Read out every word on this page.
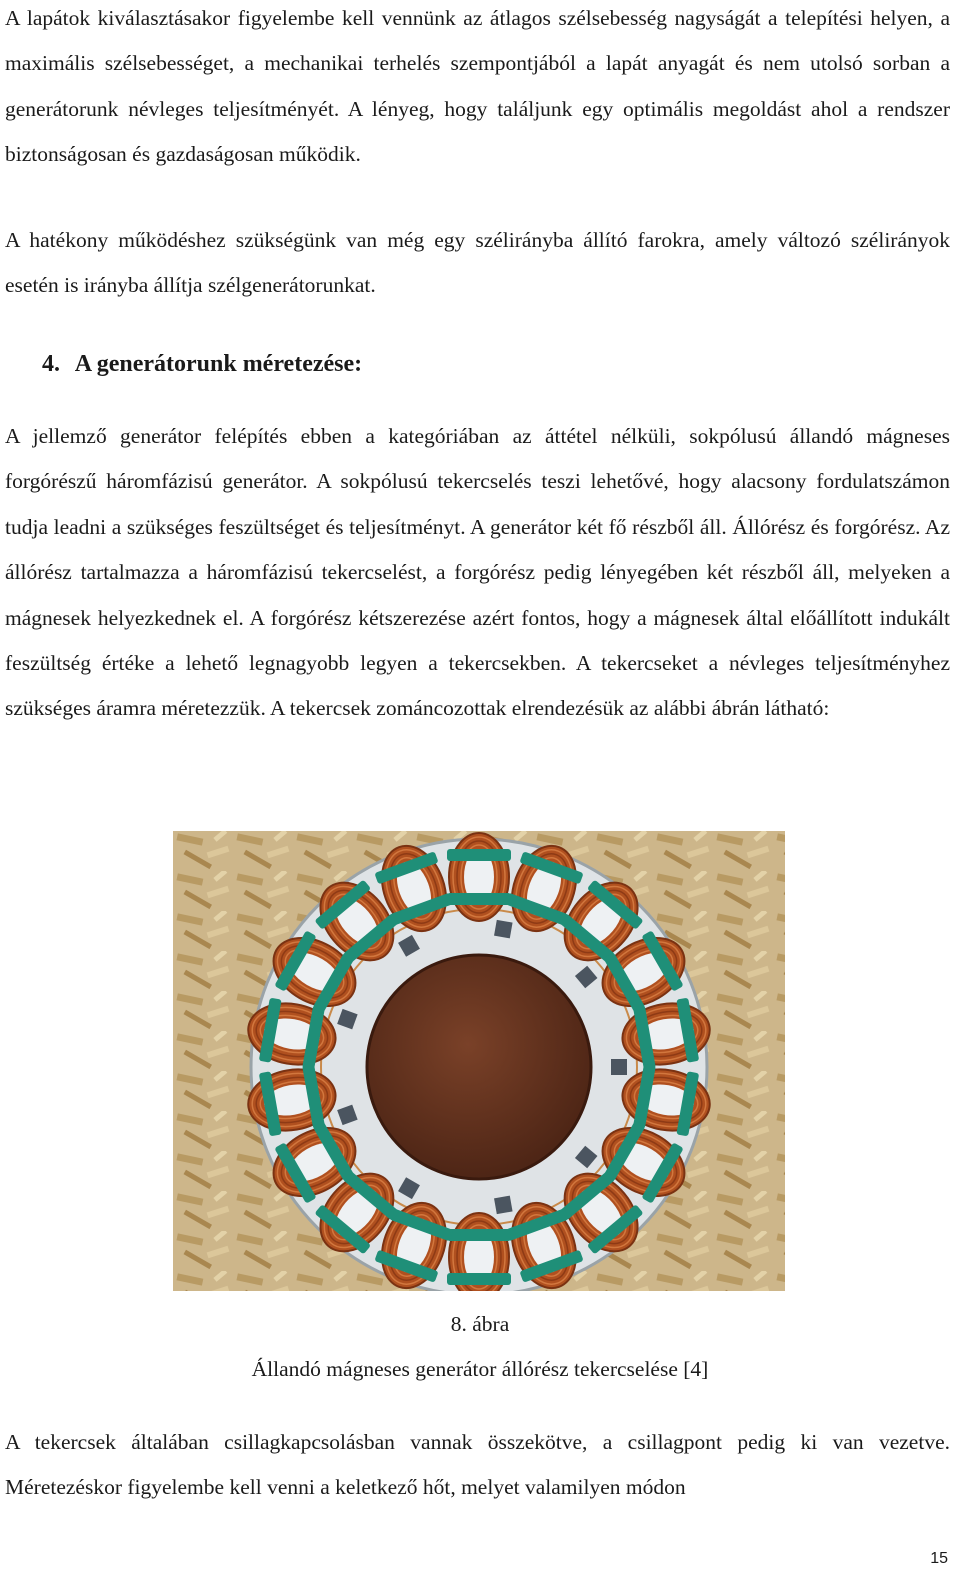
A lapátok kiválasztásakor figyelembe kell vennünk az átlagos szélsebesség nagyságát a telepítési helyen, a maximális szélsebességet, a mechanikai terhelés szempontjából a lapát anyagát és nem utolsó sorban a generátorunk névleges teljesítményét. A lényeg, hogy találjunk egy optimális megoldást ahol a rendszer biztonságosan és gazdaságosan működik.

A hatékony működéshez szükségünk van még egy szélirányba állító farokra, amely változó szélirányok esetén is irányba állítja szélgenerátorunkat.

4. A generátorunk méretezése:

A jellemző generátor felépítés ebben a kategóriában az áttétel nélküli, sokpólusú állandó mágneses forgórészű háromfázisú generátor. A sokpólusú tekercselés teszi lehetővé, hogy alacsony fordulatszámon tudja leadni a szükséges feszültséget és teljesítményt. A generátor két fő részből áll. Állórész és forgórész. Az állórész tartalmazza a háromfázisú tekercselést, a forgórész pedig lényegében két részből áll, melyeken a mágnesek helyezkednek el. A forgórész kétszerezése azért fontos, hogy a mágnesek által előállított indukált feszültség értéke a lehető legnagyobb legyen a tekercsekben. A tekercseket a névleges teljesítményhez szükséges áramra méretezzük. A tekercsek zománcozottak elrendezésük az alábbi ábrán látható:

8. ábra

Állandó mágneses generátor állórész tekercselése [4]

A tekercsek általában csillagkapcsolásban vannak összekötve, a csillagpont pedig ki van vezetve. Méretezéskor figyelembe kell venni a keletkező hőt, melyet valamilyen módon

15
